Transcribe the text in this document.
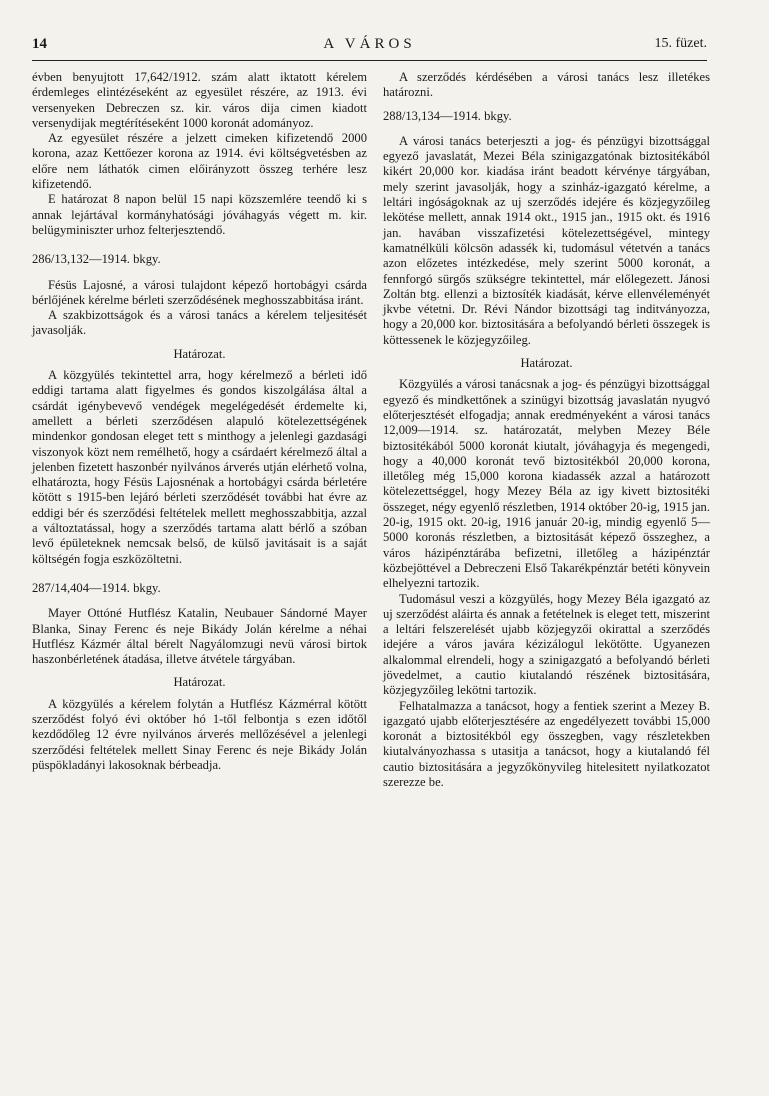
14	A VÁROS	15. füzet.

évben benyujtott 17,642/1912. szám alatt iktatott kérelem érdemleges elintézéseként az egyesület részére, az 1913. évi versenyeken Debreczen sz. kir. város dija cimen kiadott versenydijak megtérítéseként 1000 koronát adományoz.

Az egyesület részére a jelzett cimeken kifizetendő 2000 korona, azaz Kettőezer korona az 1914. évi költségvetésben az előre nem láthatók cimen előirányzott összeg terhére lesz kifizetendő.

E határozat 8 napon belül 15 napi közszemlére teendő ki s annak lejártával kormányhatósági jóváhagyás végett m. kir. belügyminiszter urhoz felterjesztendő.

286/13,132—1914. bkgy.

Fésüs Lajosné, a városi tulajdont képező hortobágyi csárda bérlőjének kérelme bérleti szerződésének meghosszabbitása iránt.

A szakbizottságok és a városi tanács a kérelem teljesitését javasolják.

Határozat.

A közgyülés tekintettel arra, hogy kérelmező a bérleti idő eddigi tartama alatt figyelmes és gondos kiszolgálása által a csárdát igénybevevő vendégek megelégedését érdemelte ki, amellett a bérleti szerződésen alapuló kötelezettségének mindenkor gondosan eleget tett s minthogy a jelenlegi gazdasági viszonyok közt nem remélhető, hogy a csárdaért kérelmező által a jelenben fizetett haszonbér nyilvános árverés utján elérhető volna, elhatározta, hogy Fésüs Lajosnénak a hortobágyi csárda bérletére kötött s 1915-ben lejáró bérleti szerződését további hat évre az eddigi bér és szerződési feltételek mellett meghosszabbitja, azzal a változtatással, hogy a szerződés tartama alatt bérlő a szóban levő épületeknek nemcsak belső, de külső javitásait is a saját költségén fogja eszközöltetni.

287/14,404—1914. bkgy.

Mayer Ottóné Hutflész Katalin, Neubauer Sándorné Mayer Blanka, Sinay Ferenc és neje Bikády Jolán kérelme a néhai Hutflész Kázmér által bérelt Nagyálomzugi nevü városi birtok haszonbérletének átadása, illetve átvétele tárgyában.

Határozat.

A közgyülés a kérelem folytán a Hutflész Kázmérral kötött szerződést folyó évi október hó 1-től felbontja s ezen időtől kezdődőleg 12 évre nyilvános árverés mellőzésével a jelenlegi szerződési feltételek mellett Sinay Ferenc és neje Bikády Jolán püspökladányi lakosoknak bérbeadja.

A szerződés kérdésében a városi tanács lesz illetékes határozni.

288/13,134—1914. bkgy.

A városi tanács beterjeszti a jog- és pénzügyi bizottsággal egyező javaslatát, Mezei Béla szinigazgatónak biztositékából kikért 20,000 kor. kiadása iránt beadott kérvénye tárgyában, mely szerint javasolják, hogy a szinház-igazgató kérelme, a leltári ingóságoknak az uj szerződés idejére és közjegyzőileg lekötése mellett, annak 1914 okt., 1915 jan., 1915 okt. és 1916 jan. havában visszafizetési kötelezettségével, mintegy kamatnélküli kölcsön adassék ki, tudomásul vétetvén a tanács azon előzetes intézkedése, mely szerint 5000 koronát, a fennforgó sürgős szükségre tekintettel, már előlegezett. Jánosi Zoltán btg. ellenzi a biztosíték kiadását, kérve ellenvéleményét jkvbe vétetni. Dr. Révi Nándor bizottsági tag inditványozza, hogy a 20,000 kor. biztositására a befolyandó bérleti összegek is köttessenek le közjegyzőileg.

Határozat.

Közgyülés a városi tanácsnak a jog- és pénzügyi bizottsággal egyező és mindkettőnek a szinügyi bizottság javaslatán nyugvó előterjesztését elfogadja; annak eredményeként a városi tanács 12,009—1914. sz. határozatát, melyben Mezey Béle biztositékából 5000 koronát kiutalt, jóváhagyja és megengedi, hogy a 40,000 koronát tevő biztositékból 20,000 korona, illetőleg még 15,000 korona kiadassék azzal a határozott kötelezettséggel, hogy Mezey Béla az igy kivett biztositéki összeget, négy egyenlő részletben, 1914 október 20-ig, 1915 jan. 20-ig, 1915 okt. 20-ig, 1916 január 20-ig, mindig egyenlő 5—5000 koronás részletben, a biztositását képező összeghez, a város házipénztárába befizetni, illetőleg a házipénztár közbejöttével a Debreczeni Első Takarékpénztár betéti könyvein elhelyezni tartozik.

Tudomásul veszi a közgyülés, hogy Mezey Béla igazgató az uj szerződést aláirta és annak a fetételnek is eleget tett, miszerint a leltári felszerelését ujabb közjegyzői okirattal a szerződés idejére a város javára kézizálogul lekötötte. Ugyanezen alkalommal elrendeli, hogy a szinigazgató a befolyandó bérleti jövedelmet, a cautio kiutalandó részének biztositására, közjegyzőileg lekötni tartozik.

Felhatalmazza a tanácsot, hogy a fentiek szerint a Mezey B. igazgató ujabb előterjesztésére az engedélyezett további 15,000 koronát a biztositékból egy összegben, vagy részletekben kiutalványozhassa s utasitja a tanácsot, hogy a kiutalandó fél cautio biztositására a jegyzőkönyvileg hitelesitett nyilatkozatot szerezze be.
